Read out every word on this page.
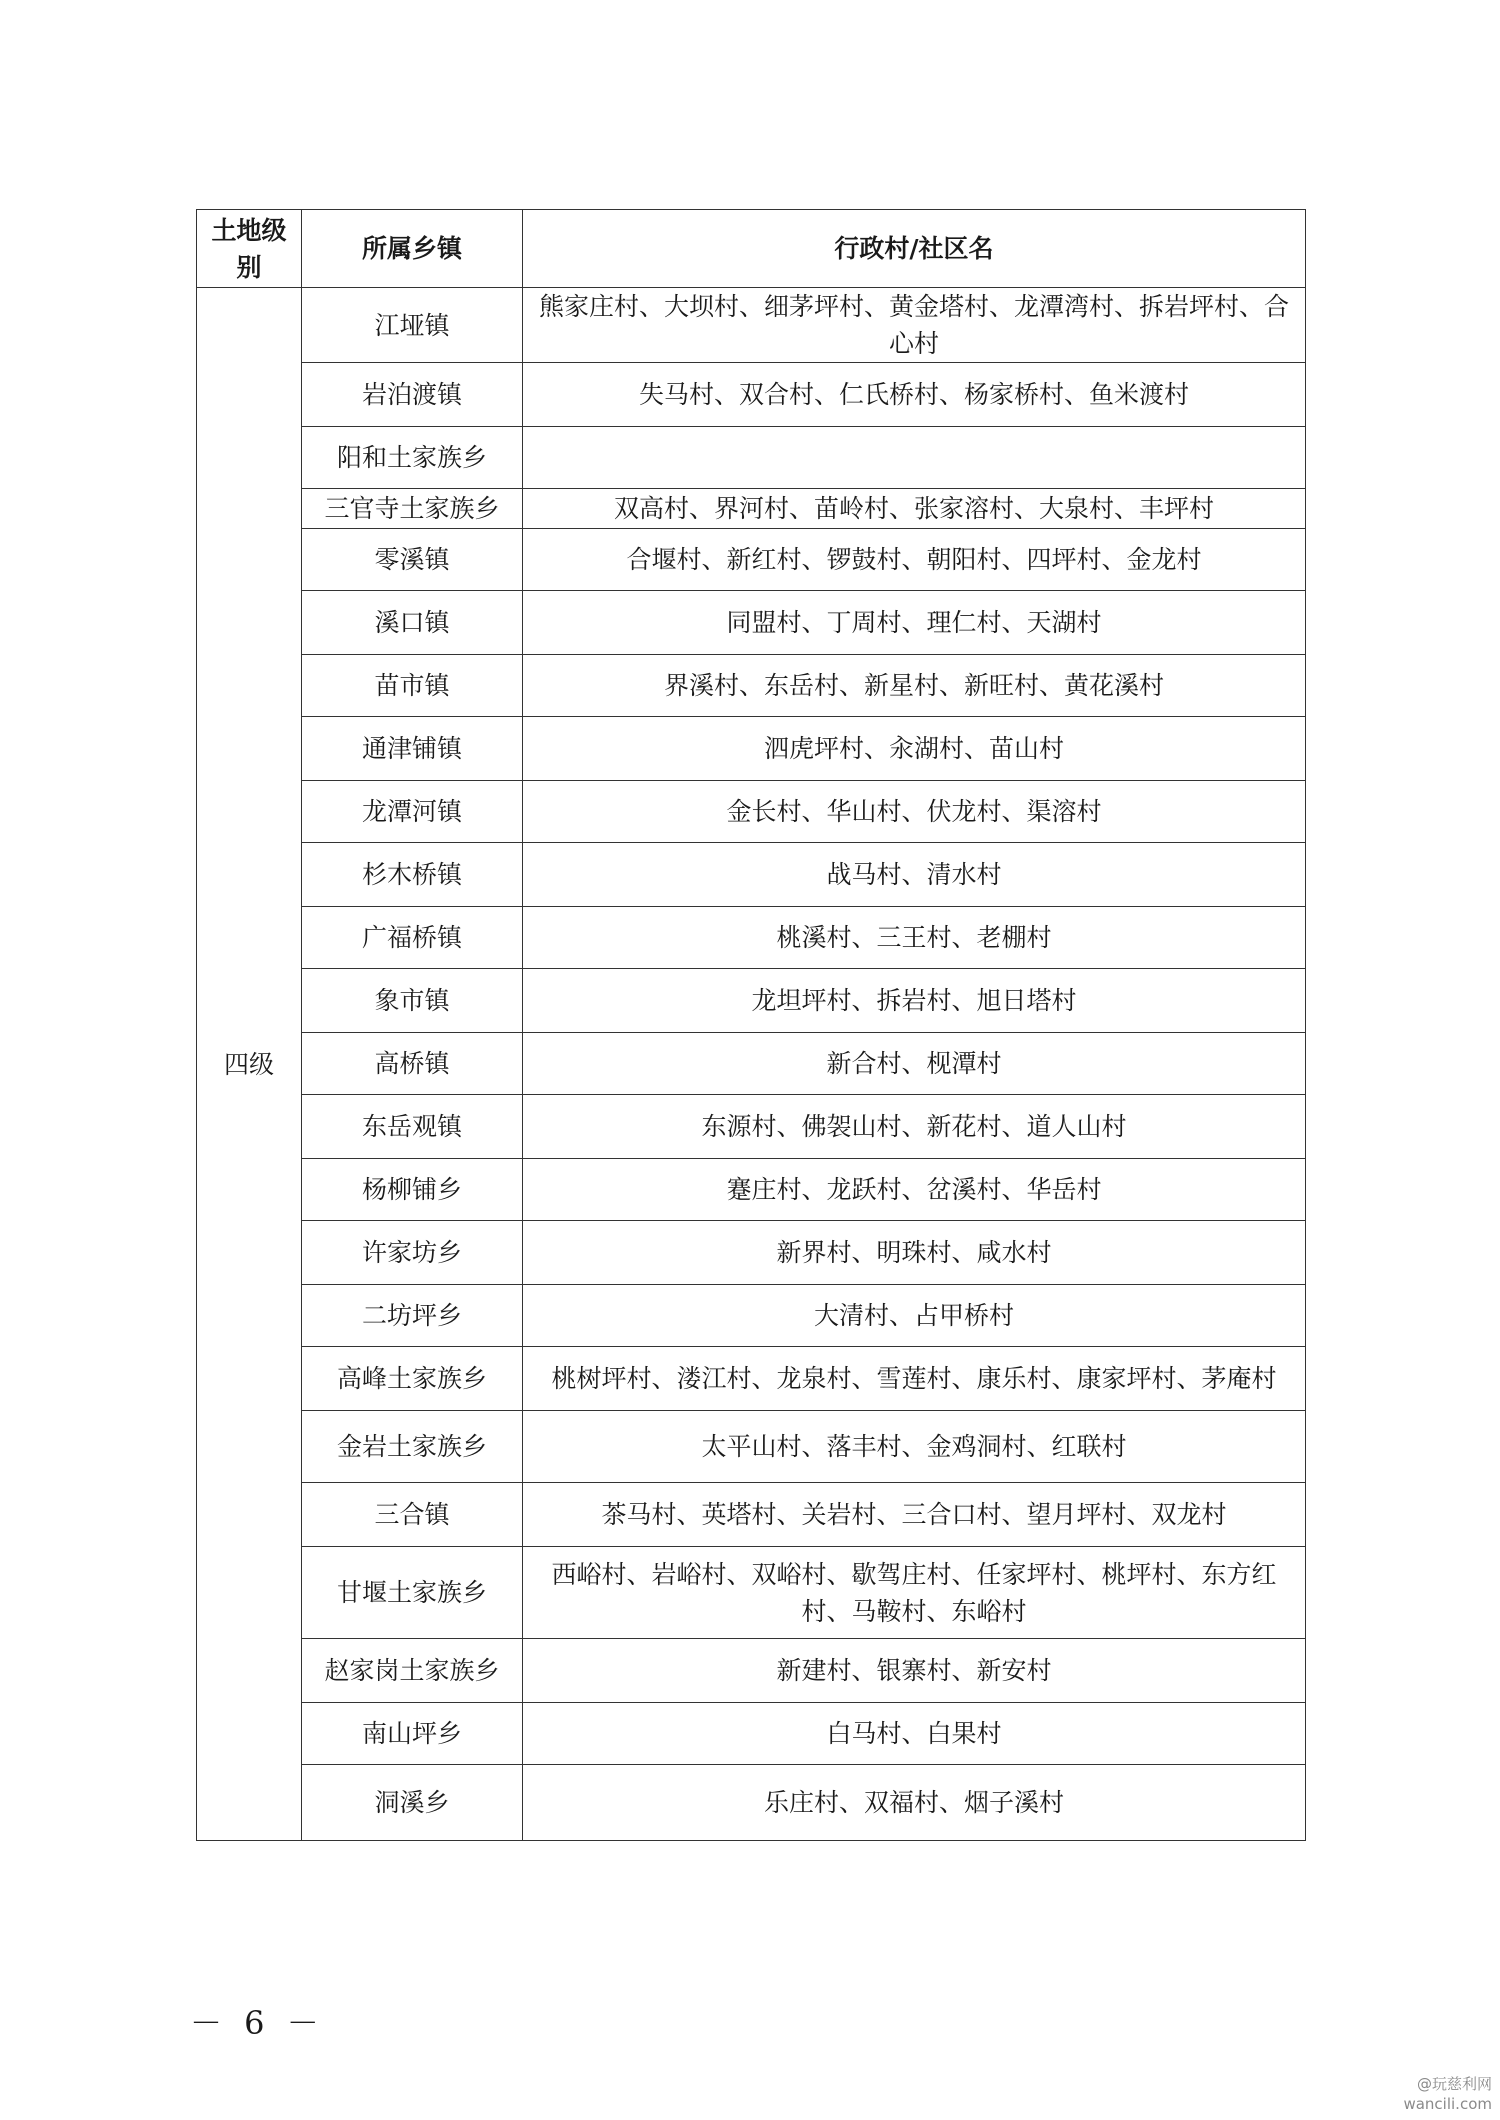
土地级别	所属乡镇	行政村/社区名
四级	江垭镇	熊家庄村、大坝村、细茅坪村、黄金塔村、龙潭湾村、拆岩坪村、合心村
	岩泊渡镇	失马村、双合村、仁氏桥村、杨家桥村、鱼米渡村
	阳和土家族乡	
	三官寺土家族乡	双高村、界河村、苗岭村、张家溶村、大泉村、丰坪村
	零溪镇	合堰村、新红村、锣鼓村、朝阳村、四坪村、金龙村
	溪口镇	同盟村、丁周村、理仁村、天湖村
	苗市镇	界溪村、东岳村、新星村、新旺村、黄花溪村
	通津铺镇	泗虎坪村、汆湖村、苗山村
	龙潭河镇	金长村、华山村、伏龙村、渠溶村
	杉木桥镇	战马村、清水村
	广福桥镇	桃溪村、三王村、老棚村
	象市镇	龙坦坪村、拆岩村、旭日塔村
	高桥镇	新合村、枧潭村
	东岳观镇	东源村、佛袈山村、新花村、道人山村
	杨柳铺乡	蹇庄村、龙跃村、岔溪村、华岳村
	许家坊乡	新界村、明珠村、咸水村
	二坊坪乡	大清村、占甲桥村
	高峰土家族乡	桃树坪村、溇江村、龙泉村、雪莲村、康乐村、康家坪村、茅庵村
	金岩土家族乡	太平山村、落丰村、金鸡洞村、红联村
	三合镇	茶马村、英塔村、关岩村、三合口村、望月坪村、双龙村
	甘堰土家族乡	西峪村、岩峪村、双峪村、歇驾庄村、任家坪村、桃坪村、东方红村、马鞍村、东峪村
	赵家岗土家族乡	新建村、银寨村、新安村
	南山坪乡	白马村、白果村
	洞溪乡	乐庄村、双福村、烟子溪村
－ 6 －
@玩慈利网
wancili.com
